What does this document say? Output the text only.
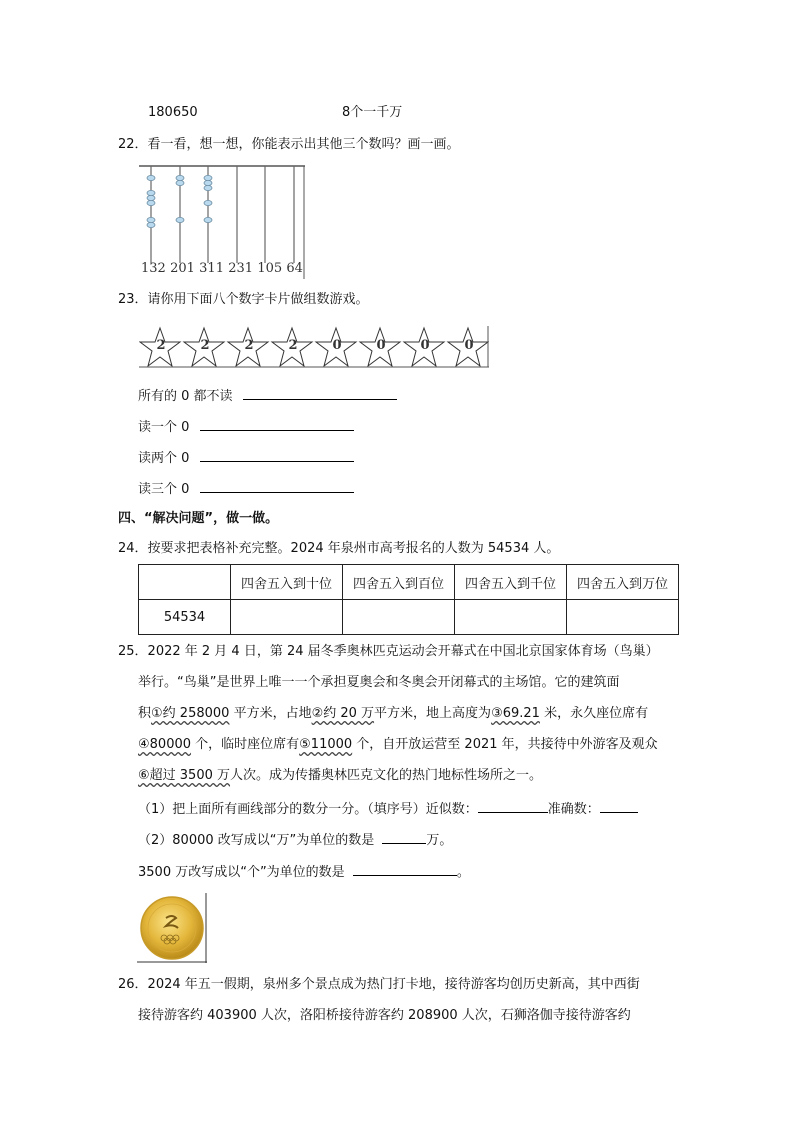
180650	8个一千万
22．看一看，想一想，你能表示出其他三个数吗？画一画。
132 201 311 231 105 64
23．请你用下面八个数字卡片做组数游戏。
2	2	2	2	0	0	0	0
所有的 0 都不读
读一个 0
读两个 0
读三个 0
四、“解决问题”，做一做。
24．按要求把表格补充完整。2024 年泉州市高考报名的人数为 54534 人。
	四舍五入到十位	四舍五入到百位	四舍五入到千位	四舍五入到万位
54534				
25．2022 年 2 月 4 日，第 24 届冬季奥林匹克运动会开幕式在中国北京国家体育场（鸟巢）
举行。“鸟巢”是世界上唯一一个承担夏奥会和冬奥会开闭幕式的主场馆。它的建筑面
积①约 258000 平方米，占地②约 20 万平方米，地上高度为③69.21 米，永久座位席有
④80000 个，临时座位席有⑤11000 个，自开放运营至 2021 年，共接待中外游客及观众
⑥超过 3500 万人次。成为传播奥林匹克文化的热门地标性场所之一。
（1）把上面所有画线部分的数分一分。（填序号）近似数：	准确数：
（2）80000 改写成以“万”为单位的数是	万。
3500 万改写成以“个”为单位的数是	。
26．2024 年五一假期，泉州多个景点成为热门打卡地，接待游客均创历史新高，其中西街
接待游客约 403900 人次，洛阳桥接待游客约 208900 人次，石狮洛伽寺接待游客约
